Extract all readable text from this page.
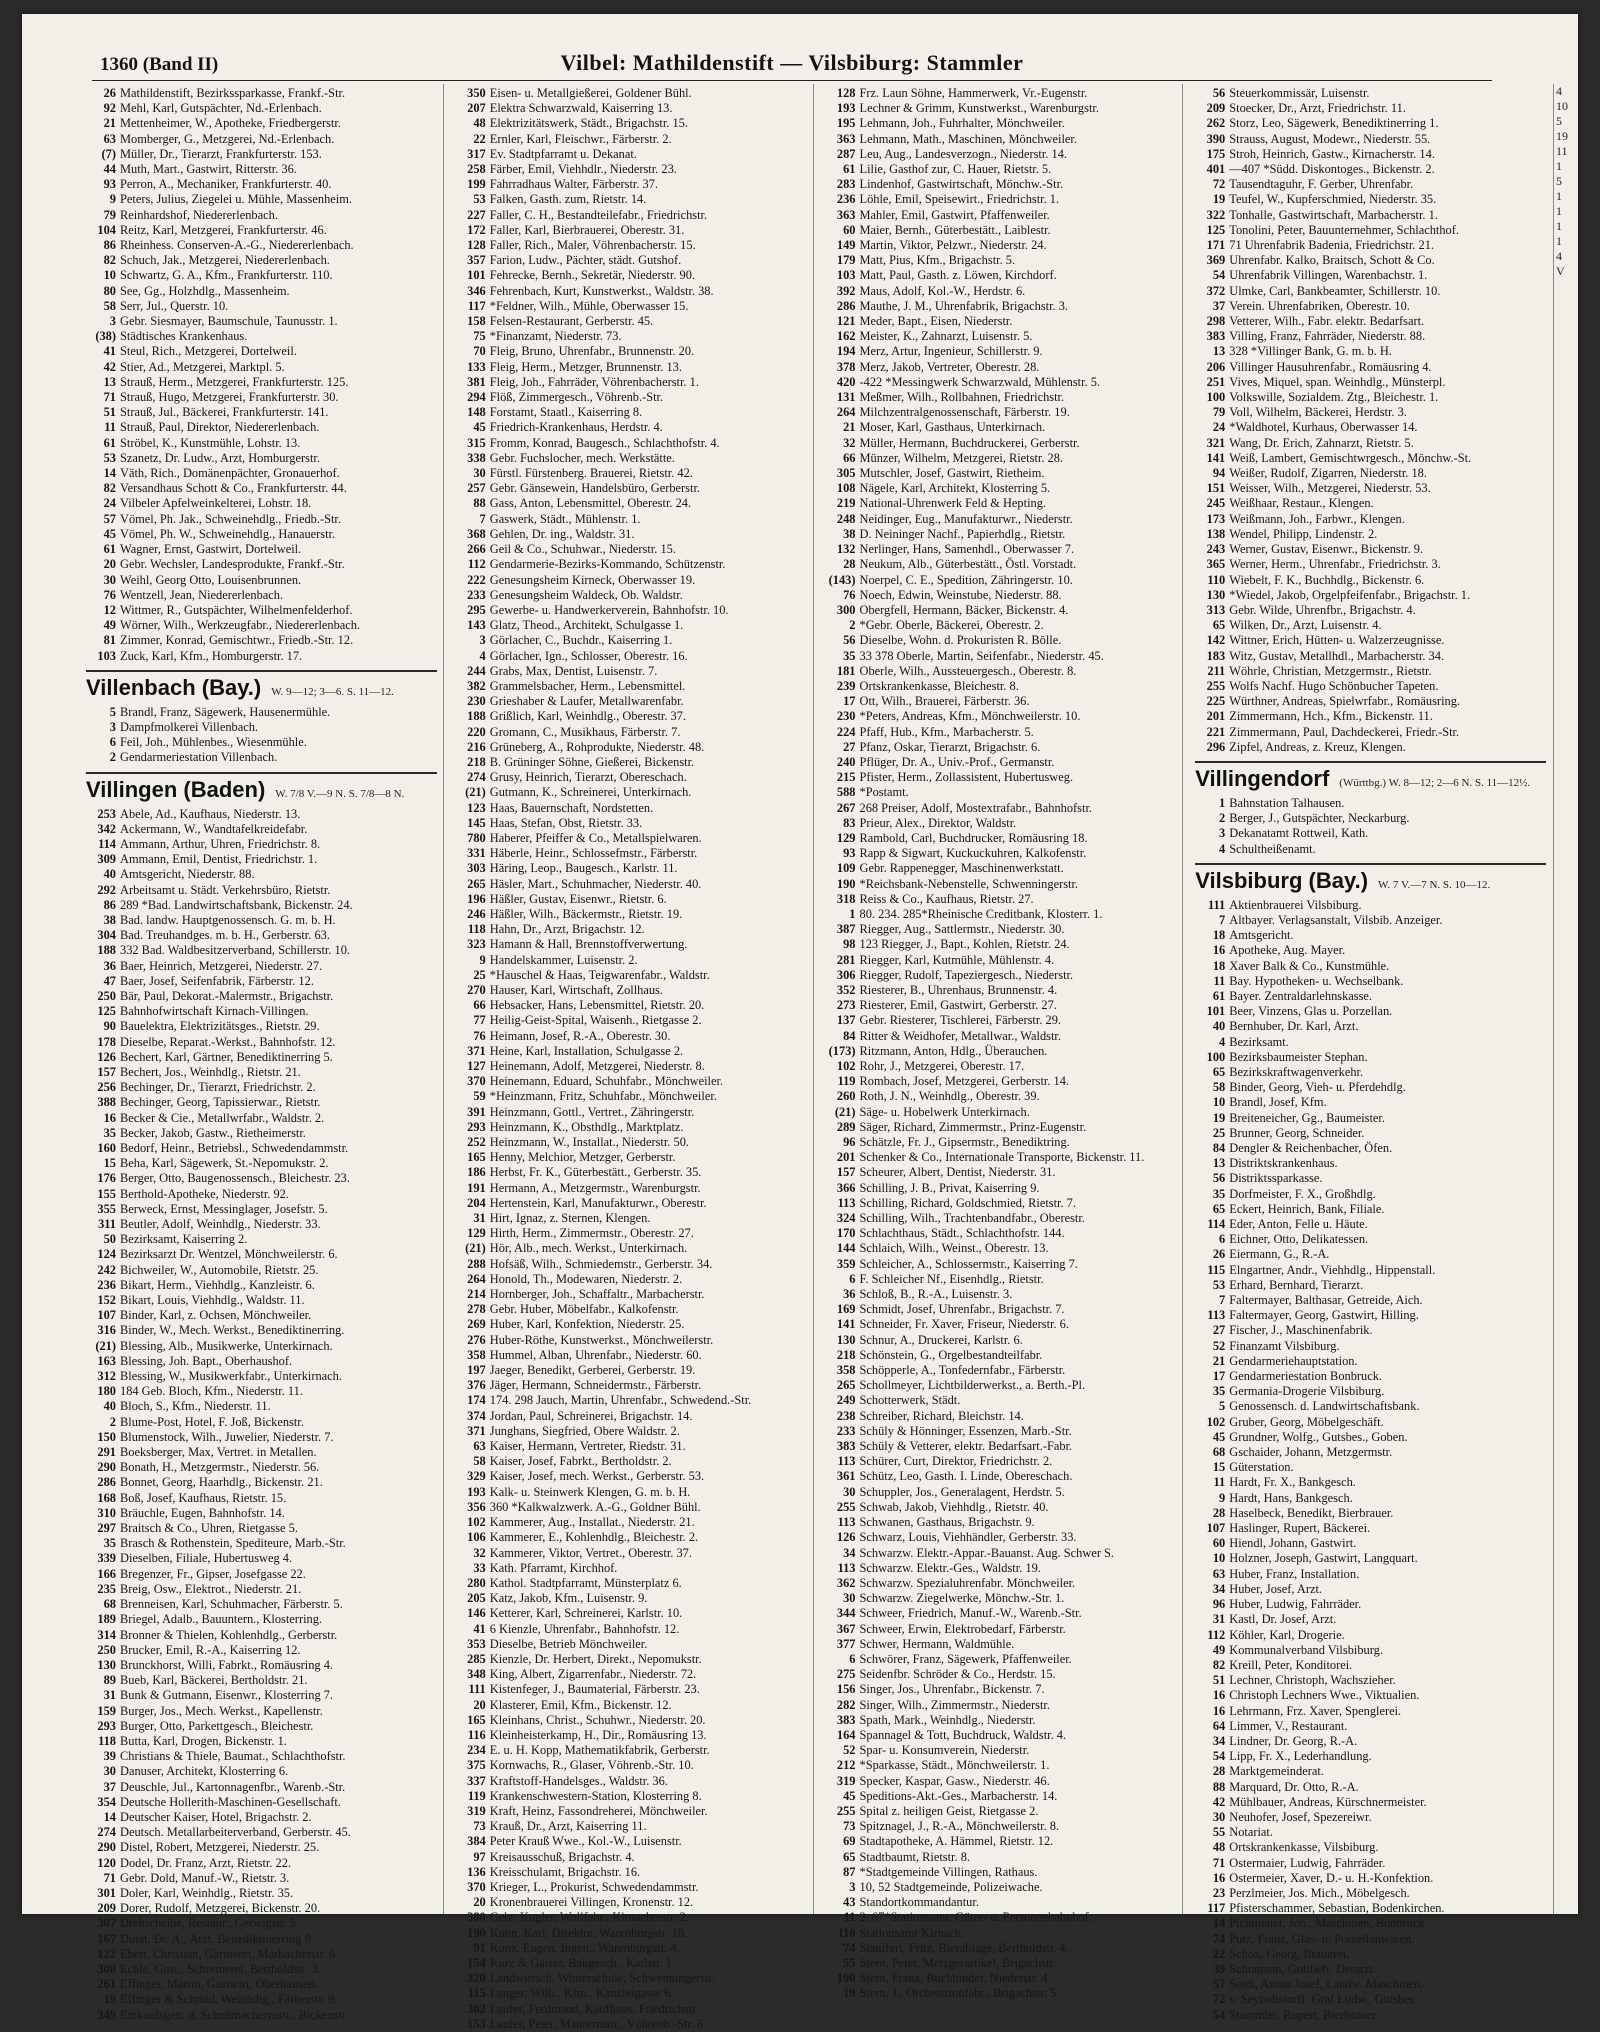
1360 (Band II)	Vilbel: Mathildenstift — Vilsbiburg: Stammler
26 Mathildenstift, Bezirkssparkasse, Frankf.-Str.
92 Mehl, Karl, Gutspächter, Nd.-Erlenbach.
21 Mettenheimer, W., Apotheke, Friedbergerstr.
63 Momberger, G., Metzgerei, Nd.-Erlenbach.
(7) Müller, Dr., Tierarzt, Frankfurterstr. 153.
44 Muth, Mart., Gastwirt, Ritterstr. 36.
93 Perron, A., Mechaniker, Frankfurterstr. 40.
9 Peters, Julius, Ziegelei u. Mühle, Massenheim.
79 Reinhardshof, Niedererlenbach.
104 Reitz, Karl, Metzgerei, Frankfurterstr. 46.
86 Rheinhess. Conserven-A.-G., Niedererlenbach.
82 Schuch, Jak., Metzgerei, Niedererlenbach.
10 Schwartz, G. A., Kfm., Frankfurterstr. 110.
80 See, Gg., Holzhdlg., Massenheim.
58 Serr, Jul., Querstr. 10.
3 Gebr. Siesmayer, Baumschule, Taunusstr. 1.
(38) Städtisches Krankenhaus.
41 Steul, Rich., Metzgerei, Dortelweil.
42 Stier, Ad., Metzgerei, Marktpl. 5.
13 Strauß, Herm., Metzgerei, Frankfurterstr. 125.
71 Strauß, Hugo, Metzgerei, Frankfurterstr. 30.
51 Strauß, Jul., Bäckerei, Frankfurterstr. 141.
11 Strauß, Paul, Direktor, Niedererlenbach.
61 Ströbel, K., Kunstmühle, Lohstr. 13.
53 Szanetz, Dr. Ludw., Arzt, Homburgerstr.
14 Väth, Rich., Domänenpächter, Gronauerhof.
82 Versandhaus Schott & Co., Frankfurterstr. 44.
24 Vilbeler Apfelweinkelterei, Lohstr. 18.
57 Vömel, Ph. Jak., Schweinehdlg., Friedb.-Str.
45 Vömel, Ph. W., Schweinehdlg., Hanauerstr.
61 Wagner, Ernst, Gastwirt, Dortelweil.
20 Gebr. Wechsler, Landesprodukte, Frankf.-Str.
30 Weihl, Georg Otto, Louisenbrunnen.
76 Wentzell, Jean, Niedererlenbach.
12 Wittmer, R., Gutspächter, Wilhelmenfelderhof.
49 Wörner, Wilh., Werkzeugfabr., Niedererlenbach.
81 Zimmer, Konrad, Gemischtwr., Friedb.-Str. 12.
103 Zuck, Karl, Kfm., Homburgerstr. 17.
Villenbach (Bay.) W. 9—12; 3—6. S. 11—12.
5 Brandl, Franz, Sägewerk, Hausenermühle.
3 Dampfmolkerei Villenbach.
6 Feil, Joh., Mühlenbes., Wiesenmühle.
2 Gendarmeriestation Villenbach.
Villingen (Baden) W. 7/8 V.—9 N. S. 7/8—8 N.
253 Abele, Ad., Kaufhaus, Niederstr. 13.
342 Ackermann, W., Wandtafelkreidefabr.
114 Ammann, Arthur, Uhren, Friedrichstr. 8.
309 Ammann, Emil, Dentist, Friedrichstr. 1.
40 Amtsgericht, Niederstr. 88.
292 Arbeitsamt u. Städt. Verkehrsbüro, Rietstr.
86 289 *Bad. Landwirtschaftsbank, Bickenstr. 24.
38 Bad. landw. Hauptgenossensch. G. m. b. H.
304 Bad. Treuhandges. m. b. H., Gerberstr. 63.
188 332 Bad. Waldbesitzerverband, Schillerstr. 10.
36 Baer, Heinrich, Metzgerei, Niederstr. 27.
47 Baer, Josef, Seifenfabrik, Färberstr. 12.
250 Bär, Paul, Dekorat.-Malermstr., Brigachstr.
125 Bahnhofwirtschaft Kirnach-Villingen.
90 Bauelektra, Elektrizitätsges., Rietstr. 29.
178 Dieselbe, Reparat.-Werkst., Bahnhofstr. 12.
126 Bechert, Karl, Gärtner, Benediktinerring 5.
157 Bechert, Jos., Weinhdlg., Rietstr. 21.
256 Bechinger, Dr., Tierarzt, Friedrichstr. 2.
388 Bechinger, Georg, Tapissierwar., Rietstr.
16 Becker & Cie., Metallwrfabr., Waldstr. 2.
35 Becker, Jakob, Gastw., Rietheimerstr.
160 Bedorf, Heinr., Betriebsl., Schwedendammstr.
15 Beha, Karl, Sägewerk, St.-Nepomukstr. 2.
176 Berger, Otto, Baugenossensch., Bleichestr. 23.
155 Berthold-Apotheke, Niederstr. 92.
355 Berweck, Ernst, Messinglager, Josefstr. 5.
311 Beutler, Adolf, Weinhdlg., Niederstr. 33.
50 Bezirksamt, Kaiserring 2.
124 Bezirksarzt Dr. Wentzel, Mönchweilerstr. 6.
242 Bichweiler, W., Automobile, Rietstr. 25.
236 Bikart, Herm., Viehhdlg., Kanzleistr. 6.
152 Bikart, Louis, Viehhdlg., Waldstr. 11.
107 Binder, Karl, z. Ochsen, Mönchweiler.
316 Binder, W., Mech. Werkst., Benediktinerring.
(21) Blessing, Alb., Musikwerke, Unterkirnach.
163 Blessing, Joh. Bapt., Oberhaushof.
312 Blessing, W., Musikwerkfabr., Unterkirnach.
180 184 Geb. Bloch, Kfm., Niederstr. 11.
40 Bloch, S., Kfm., Niederstr. 11.
2 Blume-Post, Hotel, F. Joß, Bickenstr.
150 Blumenstock, Wilh., Juwelier, Niederstr. 7.
291 Boeksberger, Max, Vertret. in Metallen.
290 Bonath, H., Metzgermstr., Niederstr. 56.
286 Bonnet, Georg, Haarhdlg., Bickenstr. 21.
168 Boß, Josef, Kaufhaus, Rietstr. 15.
310 Bräuchle, Eugen, Bahnhofstr. 14.
297 Braitsch & Co., Uhren, Rietgasse 5.
35 Brasch & Rothenstein, Spediteure, Marb.-Str.
339 Dieselben, Filiale, Hubertusweg 4.
166 Bregenzer, Fr., Gipser, Josefgasse 22.
235 Breig, Osw., Elektrot., Niederstr. 21.
68 Brenneisen, Karl, Schuhmacher, Färberstr. 5.
189 Briegel, Adalb., Bauuntern., Klosterring.
314 Bronner & Thielen, Kohlenhdlg., Gerberstr.
250 Brucker, Emil, R.-A., Kaiserring 12.
130 Brunckhorst, Willi, Fabrkt., Romäusring 4.
89 Bueb, Karl, Bäckerei, Bertholdstr. 21.
31 Bunk & Gutmann, Eisenwr., Klosterring 7.
159 Burger, Jos., Mech. Werkst., Kapellenstr.
293 Burger, Otto, Parkettgesch., Bleichestr.
118 Butta, Karl, Drogen, Bickenstr. 1.
39 Christians & Thiele, Baumat., Schlachthofstr.
30 Danuser, Architekt, Klosterring 6.
37 Deuschle, Jul., Kartonnagenfbr., Warenb.-Str.
354 Deutsche Hollerith-Maschinen-Gesellschaft.
14 Deutscher Kaiser, Hotel, Brigachstr. 2.
274 Deutsch. Metallarbeiterverband, Gerberstr. 45.
290 Distel, Robert, Metzgerei, Niederstr. 25.
120 Dodel, Dr. Franz, Arzt, Rietstr. 22.
71 Gebr. Dold, Manuf.-W., Rietstr. 3.
301 Doler, Karl, Weinhdlg., Rietstr. 35.
209 Dorer, Rudolf, Metzgerei, Bickenstr. 20.
307 Drehscheibe, Restaur., Gerwigstr. 5.
167 Durst, Dr. A., Arzt, Benediktinerring 8.
122 Ebert, Christian, Gärtnerei, Marbacherstr. 6.
308 Echle, Gust., Schreinerei, Bertholdstr. 3.
261 Effinger, Martin, Gastwirt, Oberhausen.
19 Effinger & Schmid, Weinhdlg., Färberstr. 9.
349 Einkaufsgen. d. Schuhmachermstr., Bickenstr.
350 Eisen- u. Metallgießerei, Goldener Bühl.
207 Elektra Schwarzwald, Kaiserring 13.
48 Elektrizitätswerk, Städt., Brigachstr. 15.
22 Ernler, Karl, Fleischwr., Färberstr. 2.
317 Ev. Stadtpfarramt u. Dekanat.
258 Färber, Emil, Viehhdlr., Niederstr. 23.
199 Fahrradhaus Walter, Färberstr. 37.
53 Falken, Gasth. zum, Rietstr. 14.
227 Faller, C. H., Bestandteilefabr., Friedrichstr.
172 Faller, Karl, Bierbrauerei, Oberestr. 31.
128 Faller, Rich., Maler, Vöhrenbacherstr. 15.
357 Farion, Ludw., Pächter, städt. Gutshof.
101 Fehrecke, Bernh., Sekretär, Niederstr. 90.
346 Fehrenbach, Kurt, Kunstwerkst., Waldstr. 38.
117 *Feldner, Wilh., Mühle, Oberwasser 15.
158 Felsen-Restaurant, Gerberstr. 45.
75 *Finanzamt, Niederstr. 73.
70 Fleig, Bruno, Uhrenfabr., Brunnenstr. 20.
133 Fleig, Herm., Metzger, Brunnenstr. 13.
381 Fleig, Joh., Fahrräder, Vöhrenbacherstr. 1.
294 Flöß, Zimmergesch., Vöhrenb.-Str.
148 Forstamt, Staatl., Kaiserring 8.
45 Friedrich-Krankenhaus, Herdstr. 4.
315 Fromm, Konrad, Baugesch., Schlachthofstr. 4.
338 Gebr. Fuchslocher, mech. Werkstätte.
30 Fürstl. Fürstenberg. Brauerei, Rietstr. 42.
257 Gebr. Gänsewein, Handelsbüro, Gerberstr.
88 Gass, Anton, Lebensmittel, Oberestr. 24.
7 Gaswerk, Städt., Mühlenstr. 1.
368 Gehlen, Dr. ing., Waldstr. 31.
266 Geil & Co., Schuhwar., Niederstr. 15.
112 Gendarmerie-Bezirks-Kommando, Schützenstr.
222 Genesungsheim Kirneck, Oberwasser 19.
233 Genesungsheim Waldeck, Ob. Waldstr.
295 Gewerbe- u. Handwerkerverein, Bahnhofstr. 10.
143 Glatz, Theod., Architekt, Schulgasse 1.
3 Görlacher, C., Buchdr., Kaiserring 1.
4 Görlacher, Ign., Schlosser, Oberestr. 16.
244 Grabs, Max, Dentist, Luisenstr. 7.
382 Grammelsbacher, Herm., Lebensmittel.
230 Grieshaber & Laufer, Metallwarenfabr.
188 Grißlich, Karl, Weinhdlg., Oberestr. 37.
220 Gromann, C., Musikhaus, Färberstr. 7.
216 Grüneberg, A., Rohprodukte, Niederstr. 48.
218 B. Grüninger Söhne, Gießerei, Bickenstr.
274 Grusy, Heinrich, Tierarzt, Obereschach.
(21) Gutmann, K., Schreinerei, Unterkirnach.
123 Haas, Bauernschaft, Nordstetten.
145 Haas, Stefan, Obst, Rietstr. 33.
780 Haberer, Pfeiffer & Co., Metallspielwaren.
331 Häberle, Heinr., Schlossefmstr., Färberstr.
303 Häring, Leop., Baugesch., Karlstr. 11.
265 Häsler, Mart., Schuhmacher, Niederstr. 40.
196 Häßler, Gustav, Eisenwr., Rietstr. 6.
246 Häßler, Wilh., Bäckermstr., Rietstr. 19.
118 Hahn, Dr., Arzt, Brigachstr. 12.
323 Hamann & Hall, Brennstoffverwertung.
9 Handelskammer, Luisenstr. 2.
25 *Hauschel & Haas, Teigwarenfabr., Waldstr.
270 Hauser, Karl, Wirtschaft, Zollhaus.
66 Hebsacker, Hans, Lebensmittel, Rietstr. 20.
77 Heilig-Geist-Spital, Waisenh., Rietgasse 2.
76 Heimann, Josef, R.-A., Oberestr. 30.
371 Heine, Karl, Installation, Schulgasse 2.
127 Heinemann, Adolf, Metzgerei, Niederstr. 8.
370 Heinemann, Eduard, Schuhfabr., Mönchweiler.
59 *Heinzmann, Fritz, Schuhfabr., Mönchweiler.
391 Heinzmann, Gottl., Vertret., Zähringerstr.
293 Heinzmann, K., Obsthdlg., Marktplatz.
252 Heinzmann, W., Installat., Niederstr. 50.
165 Henny, Melchior, Metzger, Gerberstr.
186 Herbst, Fr. K., Güterbestätt., Gerberstr. 35.
191 Hermann, A., Metzgermstr., Warenburgstr.
204 Hertenstein, Karl, Manufakturwr., Oberestr.
31 Hirt, Ignaz, z. Sternen, Klengen.
129 Hirth, Herm., Zimmermstr., Oberestr. 27.
(21) Hör, Alb., mech. Werkst., Unterkirnach.
288 Hofsäß, Wilh., Schmiedemstr., Gerberstr. 34.
264 Honold, Th., Modewaren, Niederstr. 2.
214 Hornberger, Joh., Schaffaltr., Marbacherstr.
278 Gebr. Huber, Möbelfabr., Kalkofenstr.
269 Huber, Karl, Konfektion, Niederstr. 25.
276 Huber-Röthe, Kunstwerkst., Mönchweilerstr.
358 Hummel, Alban, Uhrenfabr., Niederstr. 60.
197 Jaeger, Benedikt, Gerberei, Gerberstr. 19.
376 Jäger, Hermann, Schneidermstr., Färberstr.
174 174. 298 Jauch, Martin, Uhrenfabr., Schwedend.-Str.
374 Jordan, Paul, Schreinerei, Brigachstr. 14.
371 Junghans, Siegfried, Obere Waldstr. 2.
63 Kaiser, Hermann, Vertreter, Riedstr. 31.
58 Kaiser, Josef, Fabrkt., Bertholdstr. 2.
329 Kaiser, Josef, mech. Werkst., Gerberstr. 53.
193 Kalk- u. Steinwerk Klengen, G. m. b. H.
356 360 *Kalkwalzwerk. A.-G., Goldner Bühl.
102 Kammerer, Aug., Installat., Niederstr. 21.
106 Kammerer, E., Kohlenhdlg., Bleichestr. 2.
32 Kammerer, Viktor, Vertret., Oberestr. 37.
33 Kath. Pfarramt, Kirchhof.
280 Kathol. Stadtpfarramt, Münsterplatz 6.
205 Katz, Jakob, Kfm., Luisenstr. 9.
146 Ketterer, Karl, Schreinerei, Karlstr. 10.
41 6 Kienzle, Uhrenfabr., Bahnhofstr. 12.
353 Dieselbe, Betrieb Mönchweiler.
285 Kienzle, Dr. Herbert, Direkt., Nepomukstr.
348 King, Albert, Zigarrenfabr., Niederstr. 72.
111 Kistenfeger, J., Baumaterial, Färberstr. 23.
20 Klasterer, Emil, Kfm., Bickenstr. 12.
165 Kleinhans, Christ., Schuhwr., Niederstr. 20.
116 Kleinheisterkamp, H., Dir., Romäusring 13.
234 E. u. H. Kopp, Mathematikfabrik, Gerberstr.
375 Kornwachs, R., Glaser, Vöhrenb.-Str. 10.
337 Kraftstoff-Handelsges., Waldstr. 36.
119 Krankenschwestern-Station, Klosterring 8.
319 Kraft, Heinz, Fassondreherei, Mönchweiler.
73 Krauß, Dr., Arzt, Kaiserring 11.
384 Peter Krauß Wwe., Kol.-W., Luisenstr.
97 Kreisausschuß, Brigachstr. 4.
136 Kreisschulamt, Brigachstr. 16.
370 Krieger, L., Prokurist, Schwedendammstr.
20 Kronenbrauerei Villingen, Kronenstr. 12.
380 Gebr. Kugler, Wollfabr., Kirnacherstr. 2.
190 Kuhn, Karl, Direktor, Warenburgstr. 18.
91 Kunz, Eugen, Ingen., Warenburgstr. 4.
154 Kurz & Gaiser, Baugesch., Karlstr. 1.
320 Landwirtsch. Winterschule, Schwenningerstr.
115 Langer, Wilh., Kfm., Kanzleigasse 6.
302 Laufer, Ferdinand, Kaufhaus, Friedrichstr.
153 Laufer, Peter, Maurermstr., Vöhrenb.-Str. 6.
128 Frz. Laun Söhne, Hammerwerk, Vr.-Eugenstr.
193 Lechner & Grimm, Kunstwerkst., Warenburgstr.
195 Lehmann, Joh., Fuhrhalter, Mönchweiler.
363 Lehmann, Math., Maschinen, Mönchweiler.
287 Leu, Aug., Landesverzogn., Niederstr. 14.
61 Lilie, Gasthof zur, C. Hauer, Rietstr. 5.
283 Lindenhof, Gastwirtschaft, Mönchw.-Str.
236 Löhle, Emil, Speisewirt., Friedrichstr. 1.
363 Mahler, Emil, Gastwirt, Pfaffenweiler.
60 Maier, Bernh., Güterbestätt., Laiblestr.
149 Martin, Viktor, Pelzwr., Niederstr. 24.
179 Matt, Pius, Kfm., Brigachstr. 5.
103 Matt, Paul, Gasth. z. Löwen, Kirchdorf.
392 Maus, Adolf, Kol.-W., Herdstr. 6.
286 Mauthe, J. M., Uhrenfabrik, Brigachstr. 3.
121 Meder, Bapt., Eisen, Niederstr.
162 Meister, K., Zahnarzt, Luisenstr. 5.
194 Merz, Artur, Ingenieur, Schillerstr. 9.
378 Merz, Jakob, Vertreter, Oberestr. 28.
420 -422 *Messingwerk Schwarzwald, Mühlenstr. 5.
131 Meßmer, Wilh., Rollbahnen, Friedrichstr.
264 Milchzentralgenossenschaft, Färberstr. 19.
21 Moser, Karl, Gasthaus, Unterkirnach.
32 Müller, Hermann, Buchdruckerei, Gerberstr.
66 Münzer, Wilhelm, Metzgerei, Rietstr. 28.
305 Mutschler, Josef, Gastwirt, Rietheim.
108 Nägele, Karl, Architekt, Klosterring 5.
219 National-Uhrenwerk Feld & Hepting.
248 Neidinger, Eug., Manufakturwr., Niederstr.
38 D. Neininger Nachf., Papierhdlg., Rietstr.
132 Nerlinger, Hans, Samenhdl., Oberwasser 7.
28 Neukum, Alb., Güterbestätt., Östl. Vorstadt.
(143) Noerpel, C. E., Spedition, Zähringerstr. 10.
76 Noech, Edwin, Weinstube, Niederstr. 88.
300 Obergfell, Hermann, Bäcker, Bickenstr. 4.
2 *Gebr. Oberle, Bäckerei, Oberestr. 2.
56 Dieselbe, Wohn. d. Prokuristen R. Bölle.
35 33 378 Oberle, Martin, Seifenfabr., Niederstr. 45.
181 Oberle, Wilh., Aussteuergesch., Oberestr. 8.
239 Ortskrankenkasse, Bleichestr. 8.
17 Ott, Wilh., Brauerei, Färberstr. 36.
230 *Peters, Andreas, Kfm., Mönchweilerstr. 10.
224 Pfaff, Hub., Kfm., Marbacherstr. 5.
27 Pfanz, Oskar, Tierarzt, Brigachstr. 6.
240 Pflüger, Dr. A., Univ.-Prof., Germanstr.
215 Pfister, Herm., Zollassistent, Hubertusweg.
588 *Postamt.
267 268 Preiser, Adolf, Mostextrafabr., Bahnhofstr.
83 Prieur, Alex., Direktor, Waldstr.
129 Rambold, Carl, Buchdrucker, Romäusring 18.
93 Rapp & Sigwart, Kuckuckuhren, Kalkofenstr.
109 Gebr. Rappenegger, Maschinenwerkstatt.
190 *Reichsbank-Nebenstelle, Schwenningerstr.
318 Reiss & Co., Kaufhaus, Rietstr. 27.
1 80. 234. 285*Rheinische Creditbank, Klosterr. 1.
387 Riegger, Aug., Sattlermstr., Niederstr. 30.
98 123 Riegger, J., Bapt., Kohlen, Rietstr. 24.
281 Riegger, Karl, Kutmühle, Mühlenstr. 4.
306 Riegger, Rudolf, Tapeziergesch., Niederstr.
352 Riesterer, B., Uhrenhaus, Brunnenstr. 4.
273 Riesterer, Emil, Gastwirt, Gerberstr. 27.
137 Gebr. Riesterer, Tischlerei, Färberstr. 29.
84 Ritter & Weidhofer, Metallwar., Waldstr.
(173) Ritzmann, Anton, Hdlg., Überauchen.
102 Rohr, J., Metzgerei, Oberestr. 17.
119 Rombach, Josef, Metzgerei, Gerberstr. 14.
260 Roth, J. N., Weinhdlg., Oberestr. 39.
(21) Säge- u. Hobelwerk Unterkirnach.
289 Säger, Richard, Zimmermstr., Prinz-Eugenstr.
96 Schätzle, Fr. J., Gipsermstr., Benediktring.
201 Schenker & Co., Internationale Transporte, Bickenstr. 11.
157 Scheurer, Albert, Dentist, Niederstr. 31.
366 Schilling, J. B., Privat, Kaiserring 9.
113 Schilling, Richard, Goldschmied, Rietstr. 7.
324 Schilling, Wilh., Trachtenbandfabr., Oberestr.
170 Schlachthaus, Städt., Schlachthofstr. 144.
144 Schlaich, Wilh., Weinst., Oberestr. 13.
359 Schleicher, A., Schlossermstr., Kaiserring 7.
6 F. Schleicher Nf., Eisenhdlg., Rietstr.
36 Schloß, B., R.-A., Luisenstr. 3.
169 Schmidt, Josef, Uhrenfabr., Brigachstr. 7.
141 Schneider, Fr. Xaver, Friseur, Niederstr. 6.
130 Schnur, A., Druckerei, Karlstr. 6.
218 Schönstein, G., Orgelbestandteilfabr.
358 Schöpperle, A., Tonfedernfabr., Färberstr.
265 Schollmeyer, Lichtbilderwerkst., a. Berth.-Pl.
249 Schotterwerk, Städt.
238 Schreiber, Richard, Bleichstr. 14.
233 Schüly & Hönninger, Essenzen, Marb.-Str.
383 Schüly & Vetterer, elektr. Bedarfsart.-Fabr.
113 Schürer, Curt, Direktor, Friedrichstr. 2.
361 Schütz, Leo, Gasth. I. Linde, Obereschach.
30 Schuppler, Jos., Generalagent, Herdstr. 5.
255 Schwab, Jakob, Viehhdlg., Rietstr. 40.
113 Schwanen, Gasthaus, Brigachstr. 9.
126 Schwarz, Louis, Viehhändler, Gerberstr. 33.
34 Schwarzw. Elektr.-Appar.-Bauanst. Aug. Schwer S.
113 Schwarzw. Elektr.-Ges., Waldstr. 19.
362 Schwarzw. Spezialuhrenfabr. Mönchweiler.
30 Schwarzw. Ziegelwerke, Mönchw.-Str. 1.
344 Schweer, Friedrich, Manuf.-W., Warenb.-Str.
367 Schweer, Erwin, Elektrobedarf, Färberstr.
377 Schwer, Hermann, Waldmühle.
6 Schwörer, Franz, Sägewerk, Pfaffenweiler.
275 Seidenfbr. Schröder & Co., Herdstr. 15.
156 Singer, Jos., Uhrenfabr., Bickenstr. 7.
282 Singer, Wilh., Zimmermstr., Niederstr.
383 Spath, Mark., Weinhdlg., Niederstr.
164 Spannagel & Tott, Buchdruck, Waldstr. 4.
52 Spar- u. Konsumverein, Niederstr.
212 *Sparkasse, Städt., Mönchweilerstr. 1.
319 Specker, Kaspar, Gasw., Niederstr. 46.
45 Speditions-Akt.-Ges., Marbacherstr. 14.
255 Spital z. heiligen Geist, Rietgasse 2.
73 Spitznagel, J., R.-A., Mönchweilerstr. 8.
69 Stadtapotheke, A. Hämmel, Rietstr. 12.
65 Stadtbaumt, Rietstr. 8.
87 *Stadtgemeinde Villingen, Rathaus.
3 10, 52 Stadtgemeinde, Polizeiwache.
43 Standortkommandantur.
11 2. 67*Stationsamt, Güter- u. Personenbahnhof.
110 Stationsamt Kirnach.
74 Stauffert, Fritz, Bierablage, Bertholdstr. 4.
55 Stern, Peter, Metzgerartikel, Brigachstr.
190 Stern, Franz, Buchbinder, Niederstr. 4.
19 Stern, J., Orchestrionfabr., Brigachstr. 5.
56 Steuerkommissär, Luisenstr.
209 Stoecker, Dr., Arzt, Friedrichstr. 11.
262 Storz, Leo, Sägewerk, Benediktinerring 1.
390 Strauss, August, Modewr., Niederstr. 55.
175 Stroh, Heinrich, Gastw., Kirnacherstr. 14.
401 —407 *Südd. Diskontoges., Bickenstr. 2.
72 Tausendtaguhr, F. Gerber, Uhrenfabr.
19 Teufel, W., Kupferschmied, Niederstr. 35.
322 Tonhalle, Gastwirtschaft, Marbacherstr. 1.
125 Tonolini, Peter, Bauunternehmer, Schlachthof.
171 71 Uhrenfabrik Badenia, Friedrichstr. 21.
369 Uhrenfabr. Kalko, Braitsch, Schott & Co.
54 Uhrenfabrik Villingen, Warenbachstr. 1.
372 Ulmke, Carl, Bankbeamter, Schillerstr. 10.
37 Verein. Uhrenfabriken, Oberestr. 10.
298 Vetterer, Wilh., Fabr. elektr. Bedarfsart.
383 Villing, Franz, Fahrräder, Niederstr. 88.
13 328 *Villinger Bank, G. m. b. H.
206 Villinger Hausuhrenfabr., Romäusring 4.
251 Vives, Miquel, span. Weinhdlg., Münsterpl.
100 Volkswille, Sozialdem. Ztg., Bleichestr. 1.
79 Voll, Wilhelm, Bäckerei, Herdstr. 3.
24 *Waldhotel, Kurhaus, Oberwasser 14.
321 Wang, Dr. Erich, Zahnarzt, Rietstr. 5.
141 Weiß, Lambert, Gemischtwrgesch., Mönchw.-St.
94 Weißer, Rudolf, Zigarren, Niederstr. 18.
151 Weisser, Wilh., Metzgerei, Niederstr. 53.
245 Weißhaar, Restaur., Klengen.
173 Weißmann, Joh., Farbwr., Klengen.
138 Wendel, Philipp, Lindenstr. 2.
243 Werner, Gustav, Eisenwr., Bickenstr. 9.
365 Werner, Herm., Uhrenfabr., Friedrichstr. 3.
110 Wiebelt, F. K., Buchhdlg., Bickenstr. 6.
130 *Wiedel, Jakob, Orgelpfeifenfabr., Brigachstr. 1.
313 Gebr. Wilde, Uhrenfbr., Brigachstr. 4.
65 Wilken, Dr., Arzt, Luisenstr. 4.
142 Wittner, Erich, Hütten- u. Walzerzeugnisse.
183 Witz, Gustav, Metallhdl., Marbacherstr. 34.
211 Wöhrle, Christian, Metzgermstr., Rietstr.
255 Wolfs Nachf. Hugo Schönbucher Tapeten.
225 Würthner, Andreas, Spielwrfabr., Romäusring.
201 Zimmermann, Hch., Kfm., Bickenstr. 11.
221 Zimmermann, Paul, Dachdeckerei, Friedr.-Str.
296 Zipfel, Andreas, z. Kreuz, Klengen.
Villingendorf (Württbg.) W. 8—12; 2—6 N. S. 11—12½.
1 Bahnstation Talhausen.
2 Berger, J., Gutspächter, Neckarburg.
3 Dekanatamt Rottweil, Kath.
4 Schultheißenamt.
Vilsbiburg (Bay.) W. 7 V.—7 N. S. 10—12.
111 Aktienbrauerei Vilsbiburg.
7 Altbayer. Verlagsanstalt, Vilsbib. Anzeiger.
18 Amtsgericht.
16 Apotheke, Aug. Mayer.
18 Xaver Balk & Co., Kunstmühle.
11 Bay. Hypotheken- u. Wechselbank.
61 Bayer. Zentraldarlehnskasse.
101 Beer, Vinzens, Glas u. Porzellan.
40 Bernhuber, Dr. Karl, Arzt.
4 Bezirksamt.
100 Bezirksbaumeister Stephan.
65 Bezirkskraftwagenverkehr.
58 Binder, Georg, Vieh- u. Pferdehdlg.
10 Brandl, Josef, Kfm.
19 Breiteneicher, Gg., Baumeister.
25 Brunner, Georg, Schneider.
84 Dengler & Reichenbacher, Öfen.
13 Distriktskrankenhaus.
56 Distriktssparkasse.
35 Dorfmeister, F. X., Großhdlg.
65 Eckert, Heinrich, Bank, Filiale.
114 Eder, Anton, Felle u. Häute.
6 Eichner, Otto, Delikatessen.
26 Eiermann, G., R.-A.
115 Elngartner, Andr., Viehhdlg., Hippenstall.
53 Erhard, Bernhard, Tierarzt.
7 Faltermayer, Balthasar, Getreide, Aich.
113 Faltermayer, Georg, Gastwirt, Hilling.
27 Fischer, J., Maschinenfabrik.
52 Finanzamt Vilsbiburg.
21 Gendarmeriehauptstation.
17 Gendarmeriestation Bonbruck.
35 Germania-Drogerie Vilsbiburg.
5 Genossensch. d. Landwirtschaftsbank.
102 Gruber, Georg, Möbelgeschäft.
45 Grundner, Wolfg., Gutsbes., Goben.
68 Gschaider, Johann, Metzgermstr.
15 Güterstation.
11 Hardt, Fr. X., Bankgesch.
9 Hardt, Hans, Bankgesch.
28 Haselbeck, Benedikt, Bierbrauer.
107 Haslinger, Rupert, Bäckerei.
60 Hiendl, Johann, Gastwirt.
10 Holzner, Joseph, Gastwirt, Langquart.
63 Huber, Franz, Installation.
34 Huber, Josef, Arzt.
96 Huber, Ludwig, Fahrräder.
31 Kastl, Dr. Josef, Arzt.
112 Köhler, Karl, Drogerie.
49 Kommunalverband Vilsbiburg.
82 Kreill, Peter, Konditorei.
51 Lechner, Christoph, Wachszieher.
16 Christoph Lechners Wwe., Viktualien.
16 Lehrmann, Frz. Xaver, Spenglerei.
64 Limmer, V., Restaurant.
34 Lindner, Dr. Georg, R.-A.
54 Lipp, Fr. X., Lederhandlung.
28 Marktgemeinderat.
88 Marquard, Dr. Otto, R.-A.
42 Mühlbauer, Andreas, Kürschnermeister.
30 Neuhofer, Josef, Spezereiwr.
55 Notariat.
48 Ortskrankenkasse, Vilsbiburg.
71 Ostermaier, Ludwig, Fahrräder.
16 Ostermeier, Xaver, D.- u. H.-Konfektion.
23 Perzlmeier, Jos. Mich., Möbelgesch.
117 Pfisterschammer, Sebastian, Bodenkirchen.
14 Pichlmaier, Joh., Maschinen, Bonbruck.
74 Putz, Franz, Glas- u. Porzellanwaren.
22 Schöx, Georg, Brauerei.
39 Schumann, Gottlieb, Tierarzt.
57 Seidl, Anton Josef, Landw. Maschinen.
72 v. Seyboltstorff, Graf Ludw., Gutsbes.
54 Stammler, Rupert, Bierbrauer.
4
10
5
19
11
1
5
1
1
1
1
4
V
